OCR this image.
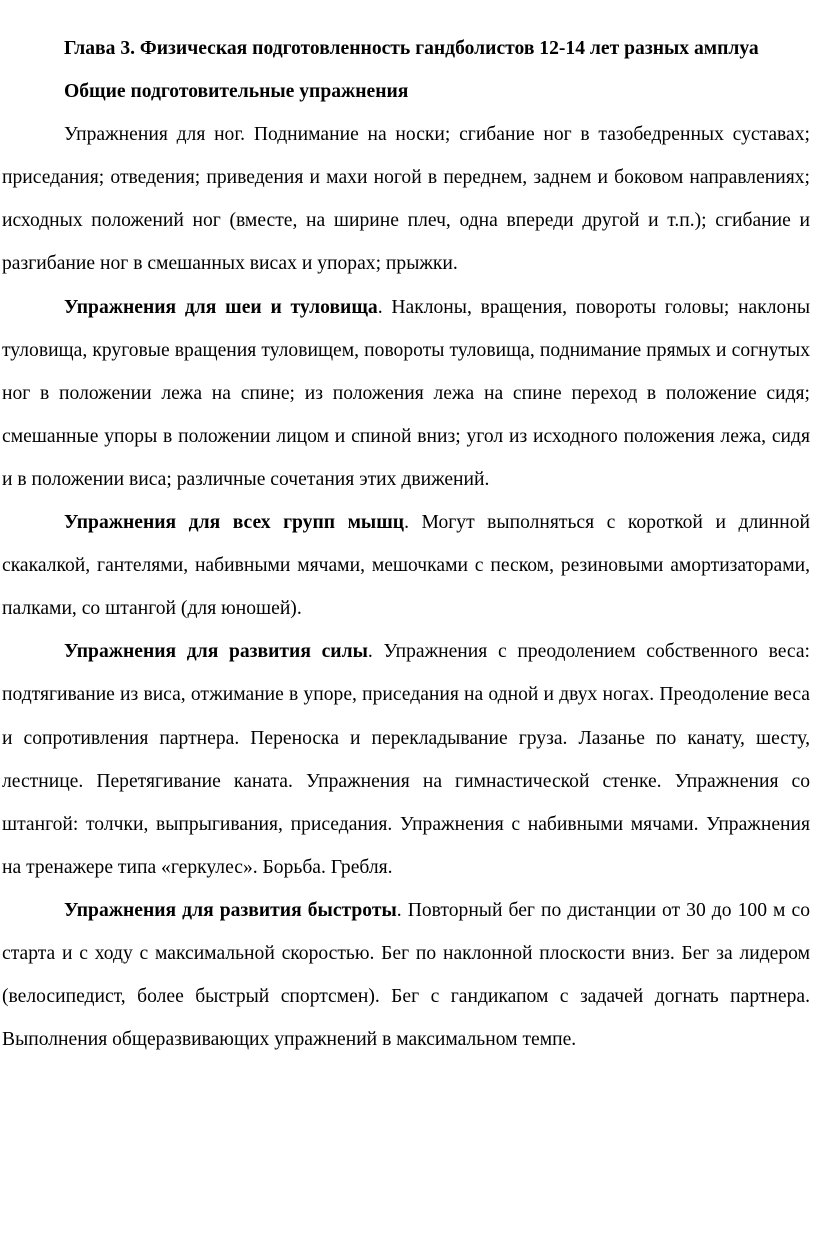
Глава 3. Физическая подготовленность гандболистов 12-14 лет разных амплуа

Общие подготовительные упражнения

Упражнения для ног. Поднимание на носки; сгибание ног в тазобедренных суставах; приседания; отведения; приведения и махи ногой в переднем, заднем и боковом направлениях; исходных положений ног (вместе, на ширине плеч, одна впереди другой и т.п.); сгибание и разгибание ног в смешанных висах и упорах; прыжки.

Упражнения для шеи и туловища. Наклоны, вращения, повороты головы; наклоны туловища, круговые вращения туловищем, повороты туловища, поднимание прямых и согнутых ног в положении лежа на спине; из положения лежа на спине переход в положение сидя; смешанные упоры в положении лицом и спиной вниз; угол из исходного положения лежа, сидя и в положении виса; различные сочетания этих движений.

Упражнения для всех групп мышц. Могут выполняться с короткой и длинной скакалкой, гантелями, набивными мячами, мешочками с песком, резиновыми амортизаторами, палками, со штангой (для юношей).

Упражнения для развития силы. Упражнения с преодолением собственного веса: подтягивание из виса, отжимание в упоре, приседания на одной и двух ногах. Преодоление веса и сопротивления партнера. Переноска и перекладывание груза. Лазанье по канату, шесту, лестнице. Перетягивание каната. Упражнения на гимнастической стенке. Упражнения со штангой: толчки, выпрыгивания, приседания. Упражнения с набивными мячами. Упражнения на тренажере типа «геркулес». Борьба. Гребля.

Упражнения для развития быстроты. Повторный бег по дистанции от 30 до 100 м со старта и с ходу с максимальной скоростью. Бег по наклонной плоскости вниз. Бег за лидером (велосипедист, более быстрый спортсмен). Бег с гандикапом с задачей догнать партнера. Выполнения общеразвивающих упражнений в максимальном темпе.
